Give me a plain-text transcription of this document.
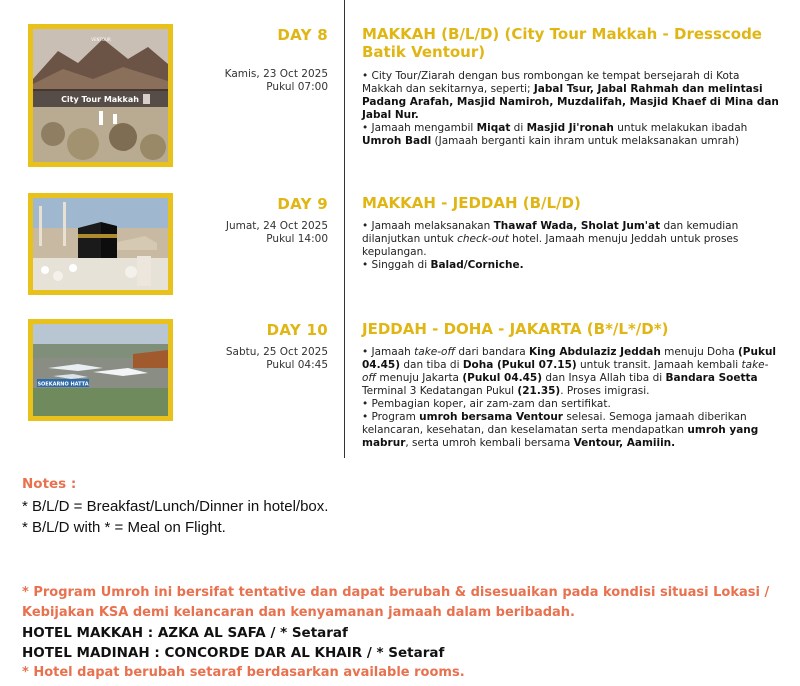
City Tour Makkah
VENTOUR	DAY 8
Kamis, 23 Oct 2025
Pukul 07:00
MAKKAH (B/L/D) (City Tour Makkah - Dresscode Batik Ventour)

• City Tour/Ziarah dengan bus rombongan ke tempat bersejarah di Kota Makkah dan sekitarnya, seperti; Jabal Tsur, Jabal Rahmah dan melintasi Padang Arafah, Masjid Namiroh, Muzdalifah, Masjid Khaef di Mina dan Jabal Nur.

• Jamaah mengambil Miqat di Masjid Ji'ronah untuk melakukan ibadah Umroh Badl (Jamaah berganti kain ihram untuk melaksanakan umrah)

DAY 9
Jumat, 24 Oct 2025
Pukul 14:00
MAKKAH - JEDDAH (B/L/D)

• Jamaah melaksanakan Thawaf Wada, Sholat Jum'at dan kemudian dilanjutkan untuk check-out hotel. Jamaah menuju Jeddah untuk proses kepulangan.

• Singgah di Balad/Corniche.

SOEKARNO HATTA
DAY 10
Sabtu, 25 Oct 2025
Pukul 04:45
JEDDAH - DOHA - JAKARTA (B*/L*/D*)

• Jamaah take-off dari bandara King Abdulaziz Jeddah menuju Doha (Pukul 04.45) dan tiba di Doha (Pukul 07.15) untuk transit. Jamaah kembali take-off menuju Jakarta (Pukul 04.45) dan Insya Allah tiba di Bandara Soetta Terminal 3 Kedatangan Pukul (21.35). Proses imigrasi.

• Pembagian koper, air zam-zam dan sertifikat.

• Program umroh bersama Ventour selesai. Semoga jamaah diberikan kelancaran, kesehatan, dan keselamatan serta mendapatkan umroh yang mabrur, serta umroh kembali bersama Ventour, Aamiiin.

Notes :
* B/L/D = Breakfast/Lunch/Dinner in hotel/box.
* B/L/D with * = Meal on Flight.
* Program Umroh ini bersifat tentative dan dapat berubah & disesuaikan pada kondisi situasi Lokasi / Kebijakan KSA demi kelancaran dan kenyamanan jamaah dalam beribadah.
HOTEL MAKKAH : AZKA AL SAFA / * Setaraf
HOTEL MADINAH : CONCORDE DAR AL KHAIR / * Setaraf
* Hotel dapat berubah setaraf berdasarkan available rooms.
